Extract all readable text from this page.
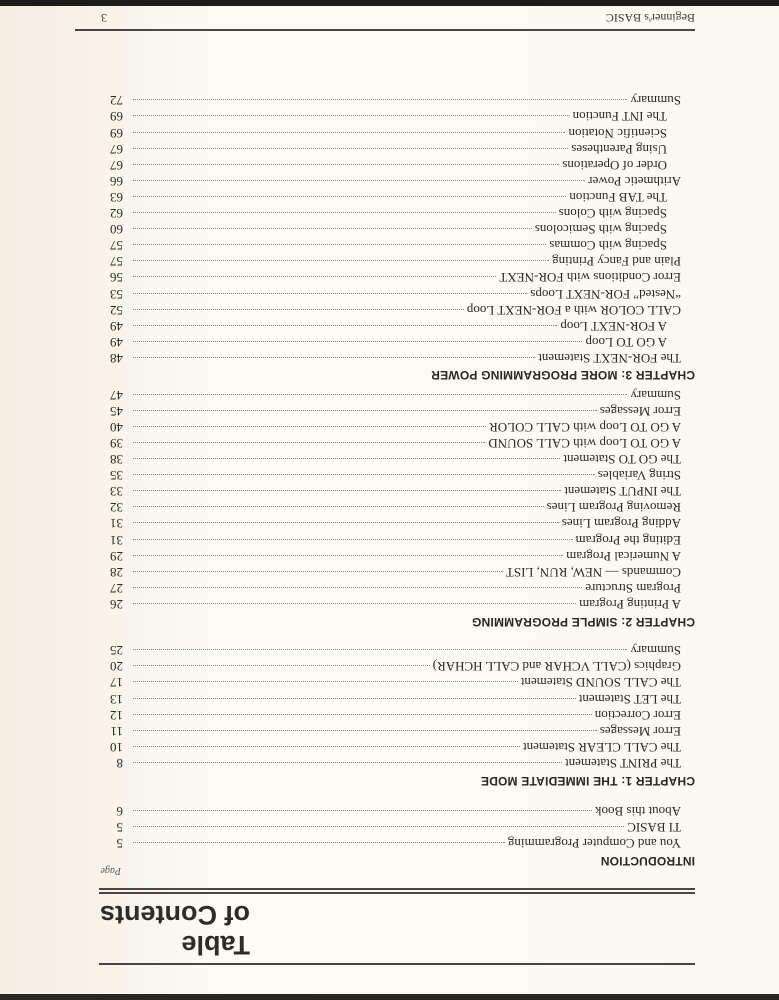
Table
of Contents
Page
INTRODUCTION
You and Computer Programming
5
TI BASIC
5
About this Book
6
CHAPTER 1: THE IMMEDIATE MODE
The PRINT Statement
8
The CALL CLEAR Statement
10
Error Messages
11
Error Correction
12
The LET Statement
13
The CALL SOUND Statement
17
Graphics (CALL VCHAR and CALL HCHAR)
20
Summary
25
CHAPTER 2: SIMPLE PROGRAMMING
A Printing Program
26
Program Structure
27
Commands — NEW, RUN, LIST
28
A Numerical Program
29
Editing the Program
31
Adding Program Lines
31
Removing Program Lines
32
The INPUT Statement
33
String Variables
35
The GO TO Statement
38
A GO TO Loop with CALL SOUND
39
A GO TO Loop with CALL COLOR
40
Error Messages
45
Summary
47
CHAPTER 3: MORE PROGRAMMING POWER
The FOR-NEXT Statement
48
A GO TO Loop
49
A FOR-NEXT Loop
49
CALL COLOR with a FOR-NEXT Loop
52
“Nested” FOR-NEXT Loops
53
Error Conditions with FOR-NEXT
56
Plain and Fancy Printing
57
Spacing with Commas
57
Spacing with Semicolons
60
Spacing with Colons
62
The TAB Function
63
Arithmetic Power
66
Order of Operations
67
Using Parentheses
67
Scientific Notation
69
The INT Function
69
Summary
72
Beginner's BASIC
3
